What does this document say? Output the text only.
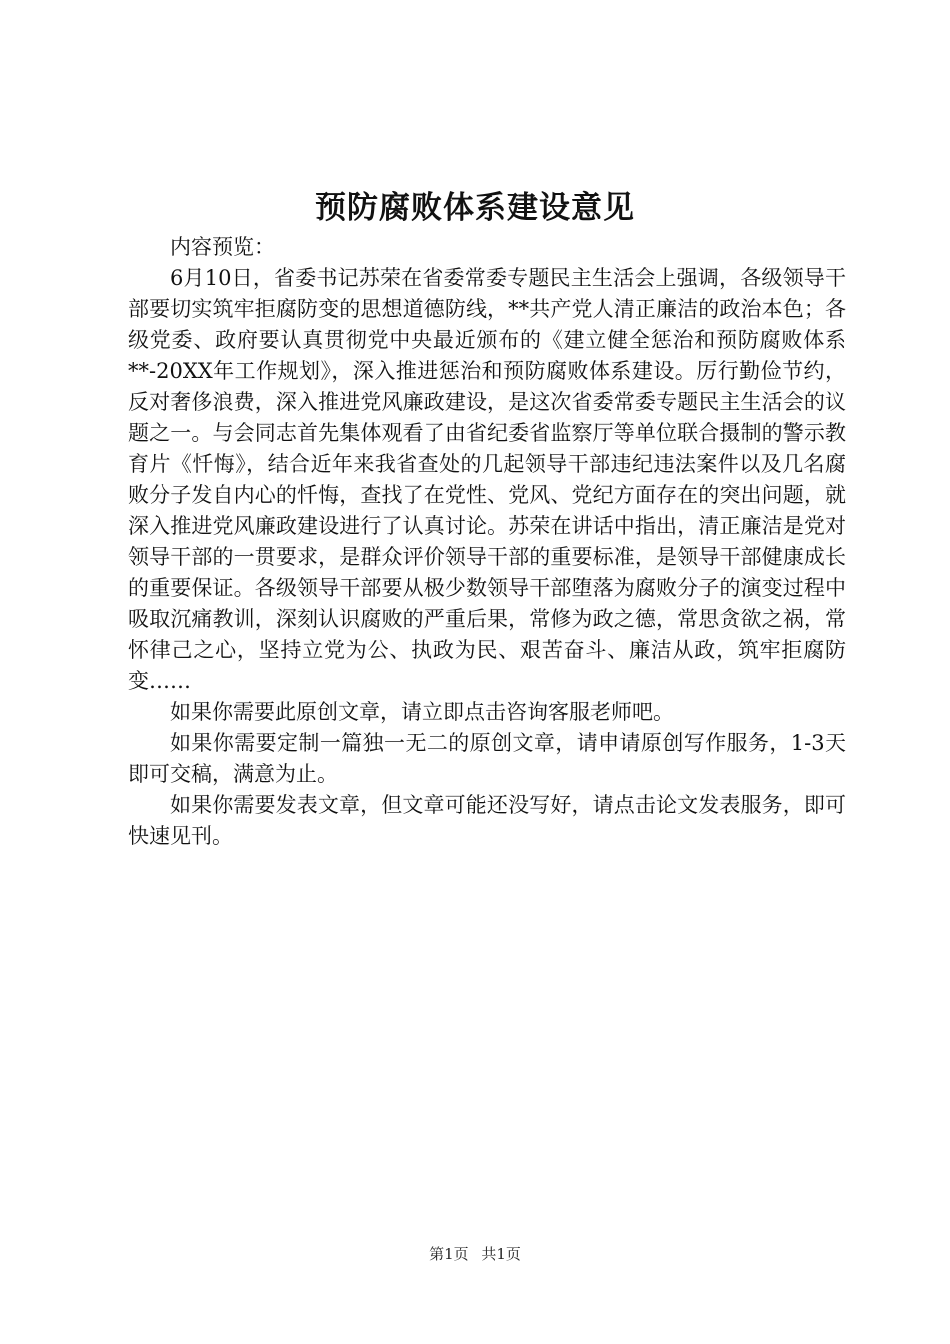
预防腐败体系建设意见

内容预览：

6月10日，省委书记苏荣在省委常委专题民主生活会上强调，各级领导干部要切实筑牢拒腐防变的思想道德防线，**共产党人清正廉洁的政治本色；各级党委、政府要认真贯彻党中央最近颁布的《建立健全惩治和预防腐败体系**-20XX年工作规划》，深入推进惩治和预防腐败体系建设。厉行勤俭节约，反对奢侈浪费，深入推进党风廉政建设，是这次省委常委专题民主生活会的议题之一。与会同志首先集体观看了由省纪委省监察厅等单位联合摄制的警示教育片《忏悔》，结合近年来我省查处的几起领导干部违纪违法案件以及几名腐败分子发自内心的忏悔，查找了在党性、党风、党纪方面存在的突出问题，就深入推进党风廉政建设进行了认真讨论。苏荣在讲话中指出，清正廉洁是党对领导干部的一贯要求，是群众评价领导干部的重要标准，是领导干部健康成长的重要保证。各级领导干部要从极少数领导干部堕落为腐败分子的演变过程中吸取沉痛教训，深刻认识腐败的严重后果，常修为政之德，常思贪欲之祸，常怀律己之心，坚持立党为公、执政为民、艰苦奋斗、廉洁从政，筑牢拒腐防变……

如果你需要此原创文章，请立即点击咨询客服老师吧。

如果你需要定制一篇独一无二的原创文章，请申请原创写作服务，1-3天即可交稿，满意为止。

如果你需要发表文章，但文章可能还没写好，请点击论文发表服务，即可快速见刊。

第1页 共1页
